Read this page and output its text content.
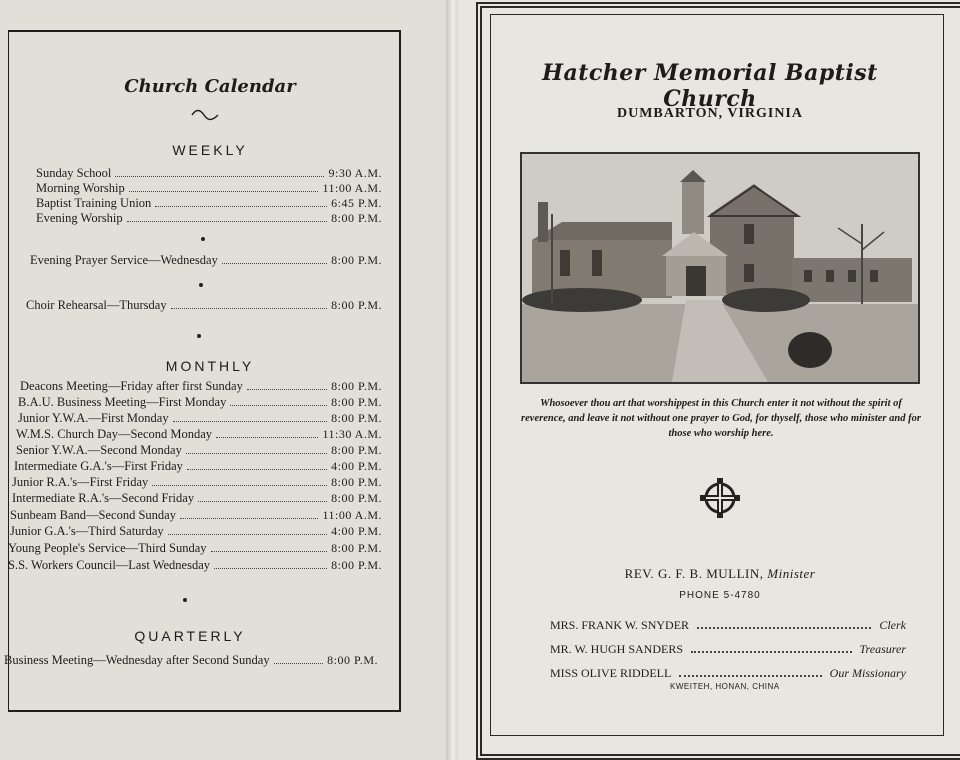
Church Calendar
WEEKLY
Sunday School	9:30 A.M.
Morning Worship	11:00 A.M.
Baptist Training Union	6:45 P.M.
Evening Worship	8:00 P.M.
Evening Prayer Service—Wednesday	8:00 P.M.
Choir Rehearsal—Thursday	8:00 P.M.
MONTHLY
Deacons Meeting—Friday after first Sunday	8:00 P.M.
B.A.U. Business Meeting—First Monday	8:00 P.M.
Junior Y.W.A.—First Monday	8:00 P.M.
W.M.S. Church Day—Second Monday	11:30 A.M.
Senior Y.W.A.—Second Monday	8:00 P.M.
Intermediate G.A.'s—First Friday	4:00 P.M.
Junior R.A.'s—First Friday	8:00 P.M.
Intermediate R.A.'s—Second Friday	8:00 P.M.
Sunbeam Band—Second Sunday	11:00 A.M.
Junior G.A.'s—Third Saturday	4:00 P.M.
Young People's Service—Third Sunday	8:00 P.M.
S.S. Workers Council—Last Wednesday	8:00 P.M.
QUARTERLY
Business Meeting—Wednesday after Second Sunday	8:00 P.M.
Hatcher Memorial Baptist Church
DUMBARTON, VIRGINIA
Whosoever thou art that worshippest in this Church enter it not without the spirit of reverence, and leave it not without one prayer to God, for thyself, those who minister and for those who worship here.
REV. G. F. B. MULLIN, Minister
PHONE 5-4780
MRS. FRANK W. SNYDER	Clerk
MR. W. HUGH SANDERS	Treasurer
MISS OLIVE RIDDELL	Our Missionary
KWEITEH, HONAN, CHINA
